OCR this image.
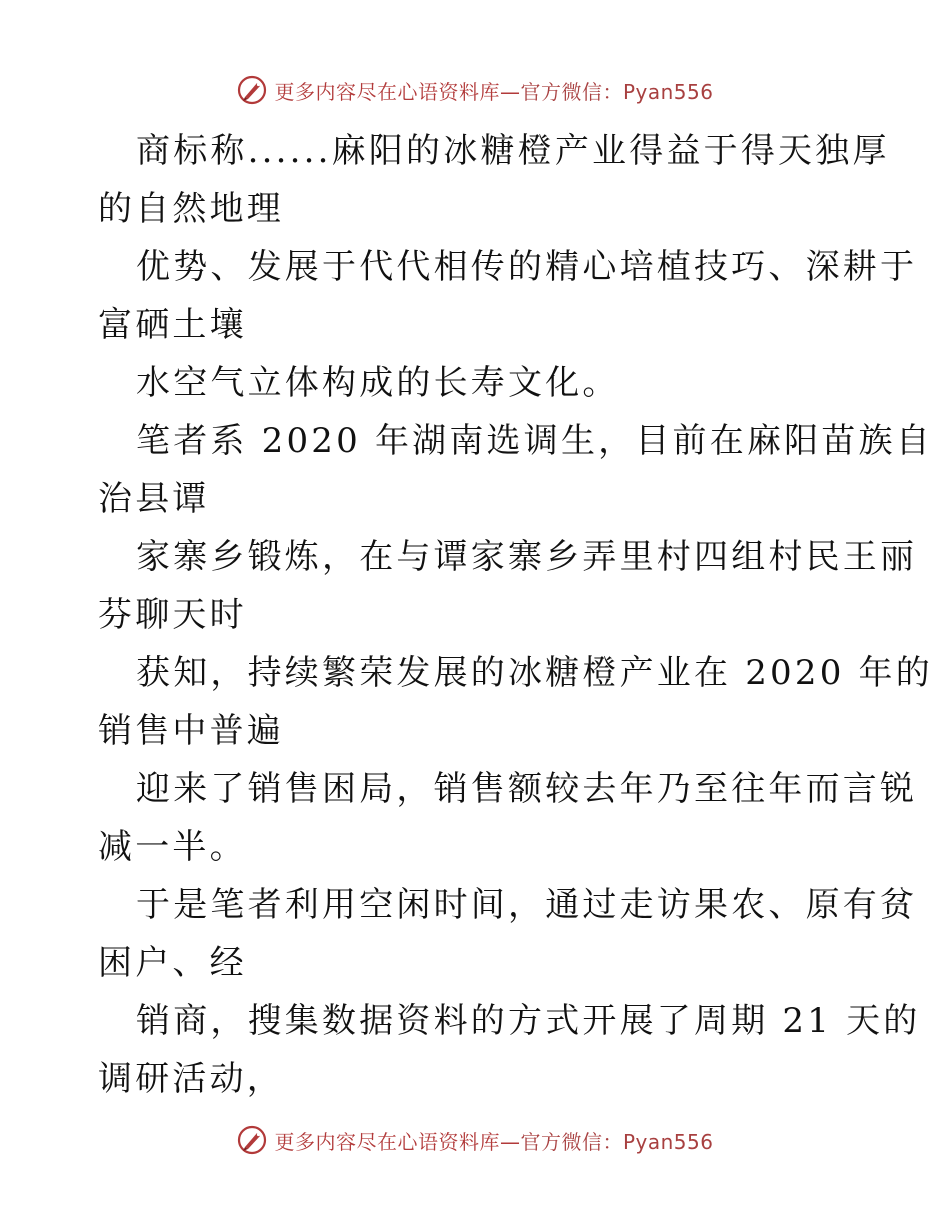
更多内容尽在心语资料库—官方微信：Pyan556
商标称......麻阳的冰糖橙产业得益于得天独厚
的自然地理
优势、发展于代代相传的精心培植技巧、深耕于
富硒土壤
水空气立体构成的长寿文化。
笔者系 2020 年湖南选调生，目前在麻阳苗族自
治县谭
家寨乡锻炼，在与谭家寨乡弄里村四组村民王丽
芬聊天时
获知，持续繁荣发展的冰糖橙产业在 2020 年的
销售中普遍
迎来了销售困局，销售额较去年乃至往年而言锐
减一半。
于是笔者利用空闲时间，通过走访果农、原有贫
困户、经
销商，搜集数据资料的方式开展了周期 21 天的
调研活动，
更多内容尽在心语资料库—官方微信：Pyan556
